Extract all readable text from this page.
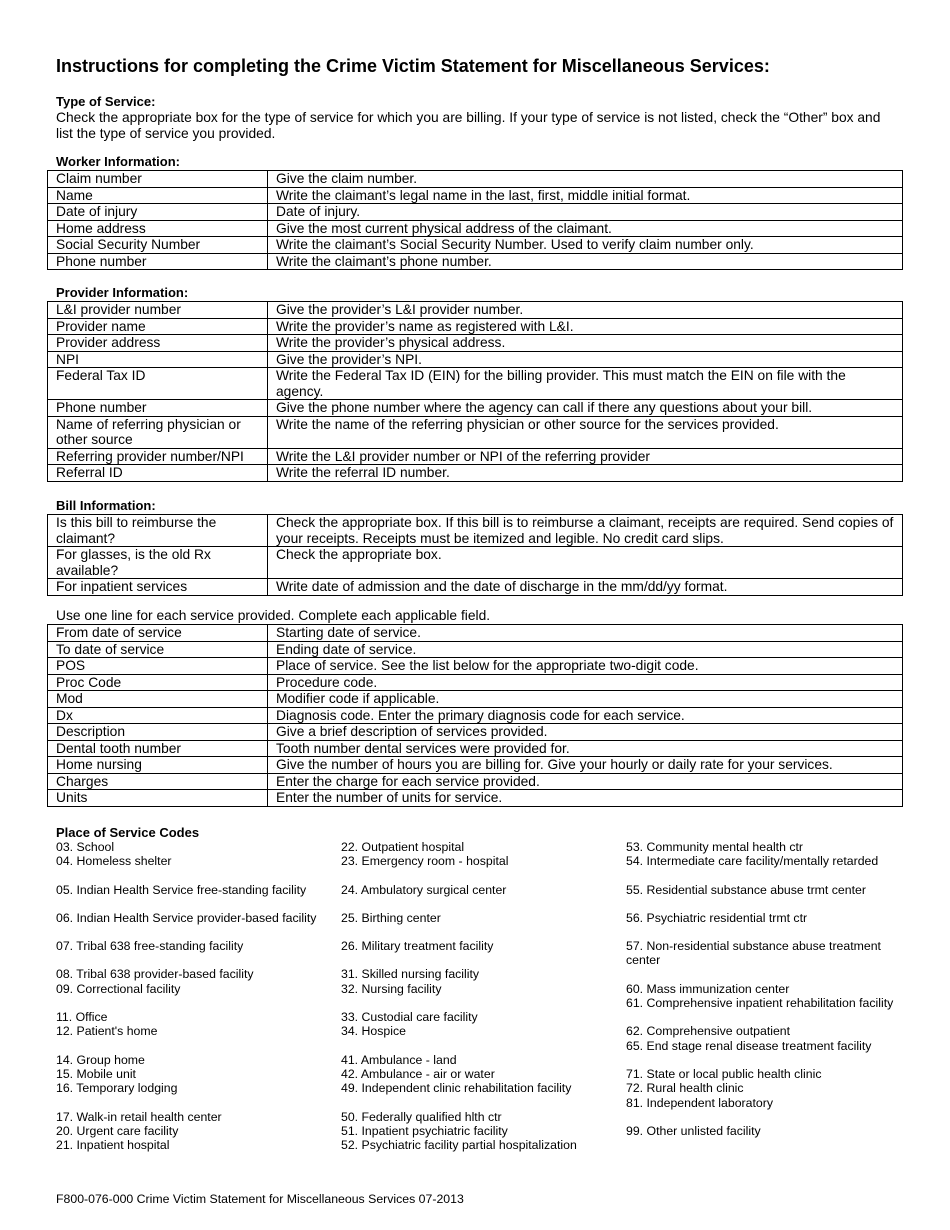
Instructions for completing the Crime Victim Statement for Miscellaneous Services:

Type of Service:

Check the appropriate box for the type of service for which you are billing. If your type of service is not listed, check the “Other” box and list the type of service you provided.

Worker Information:

Claim number	Give the claim number.
Name	Write the claimant’s legal name in the last, first, middle initial format.
Date of injury	Date of injury.
Home address	Give the most current physical address of the claimant.
Social Security Number	Write the claimant’s Social Security Number. Used to verify claim number only.
Phone number	Write the claimant’s phone number.

Provider Information:

L&I provider number	Give the provider’s L&I provider number.
Provider name	Write the provider’s name as registered with L&I.
Provider address	Write the provider’s physical address.
NPI	Give the provider’s NPI.
Federal Tax ID	Write the Federal Tax ID (EIN) for the billing provider. This must match the EIN on file with the agency.
Phone number	Give the phone number where the agency can call if there any questions about your bill.
Name of referring physician or other source	Write the name of the referring physician or other source for the services provided.
Referring provider number/NPI	Write the L&I provider number or NPI of the referring provider
Referral ID	Write the referral ID number.

Bill Information:

Is this bill to reimburse the claimant?	Check the appropriate box. If this bill is to reimburse a claimant, receipts are required. Send copies of your receipts. Receipts must be itemized and legible. No credit card slips.
For glasses, is the old Rx available?	Check the appropriate box.
For inpatient services	Write date of admission and the date of discharge in the mm/dd/yy format.

Use one line for each service provided. Complete each applicable field.

From date of service	Starting date of service.
To date of service	Ending date of service.
POS	Place of service. See the list below for the appropriate two-digit code.
Proc Code	Procedure code.
Mod	Modifier code if applicable.
Dx	Diagnosis code. Enter the primary diagnosis code for each service.
Description	Give a brief description of services provided.
Dental tooth number	Tooth number dental services were provided for.
Home nursing	Give the number of hours you are billing for. Give your hourly or daily rate for your services.
Charges	Enter the charge for each service provided.
Units	Enter the number of units for service.
Place of Service Codes
03. School
04. Homeless shelter
05. Indian Health Service free-standing facility
06. Indian Health Service provider-based facility
07. Tribal 638 free-standing facility
08. Tribal 638 provider-based facility
09. Correctional facility
11. Office
12. Patient's home
14. Group home
15. Mobile unit
16. Temporary lodging
17. Walk-in retail health center
20. Urgent care facility
21. Inpatient hospital
22. Outpatient hospital
23. Emergency room - hospital
24. Ambulatory surgical center
25. Birthing center
26. Military treatment facility
31. Skilled nursing facility
32. Nursing facility
33. Custodial care facility
34. Hospice
41. Ambulance - land
42. Ambulance - air or water
49. Independent clinic rehabilitation facility
50. Federally qualified hlth ctr
51. Inpatient psychiatric facility
52. Psychiatric facility partial hospitalization
53. Community mental health ctr
54. Intermediate care facility/mentally retarded
55. Residential substance abuse trmt center
56. Psychiatric residential trmt ctr
57. Non-residential substance abuse treatment center
60. Mass immunization center
61. Comprehensive inpatient rehabilitation facility
62. Comprehensive outpatient
65. End stage renal disease treatment facility
71. State or local public health clinic
72. Rural health clinic
81. Independent laboratory
99. Other unlisted facility
F800-076-000 Crime Victim Statement for Miscellaneous Services 07-2013
